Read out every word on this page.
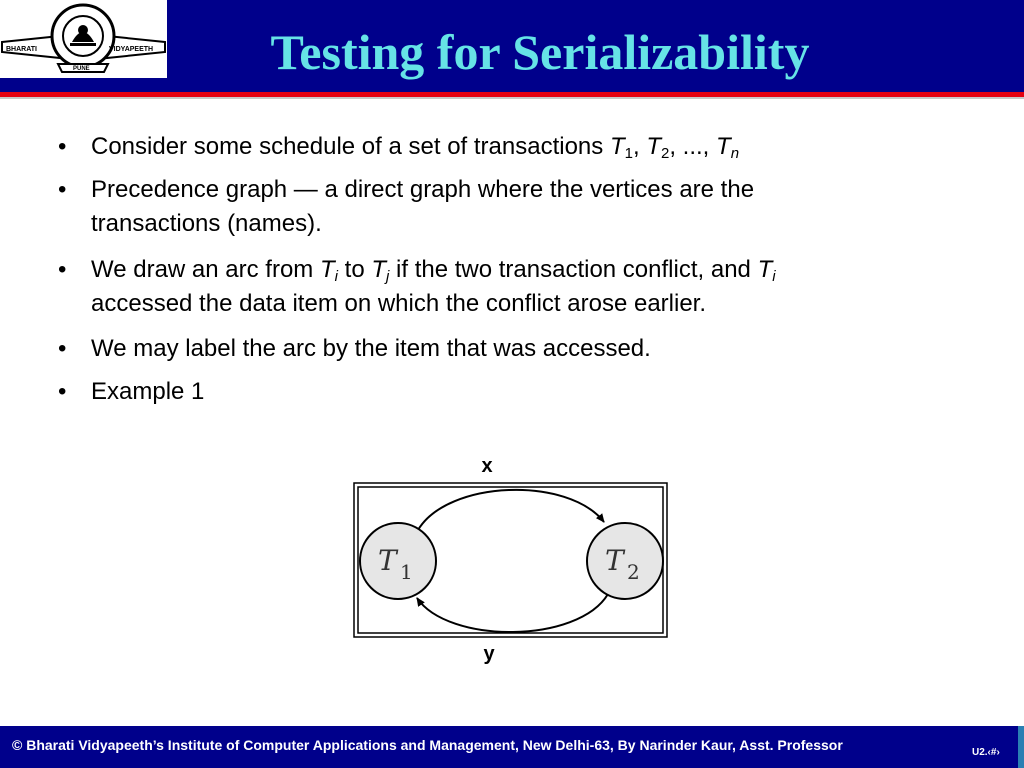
BHARATI	VIDYAPEETH
PUNE	Testing for Serializability
• Consider some schedule of a set of transactions $T_1$, $T_2$, ..., $T_n$
• Precedence graph — a direct graph where the vertices are the
transactions (names).
• We draw an arc from $T_i$ to $T_j$ if the two transaction conflict, and $T_i$
accessed the data item on which the conflict arose earlier.
• We may label the arc by the item that was accessed.
• Example 1
x
T 1	T 2
y
© Bharati Vidyapeeth’s Institute of Computer Applications and Management, New Delhi-63, By Narinder Kaur, Asst. Professor	U2.‹#›
